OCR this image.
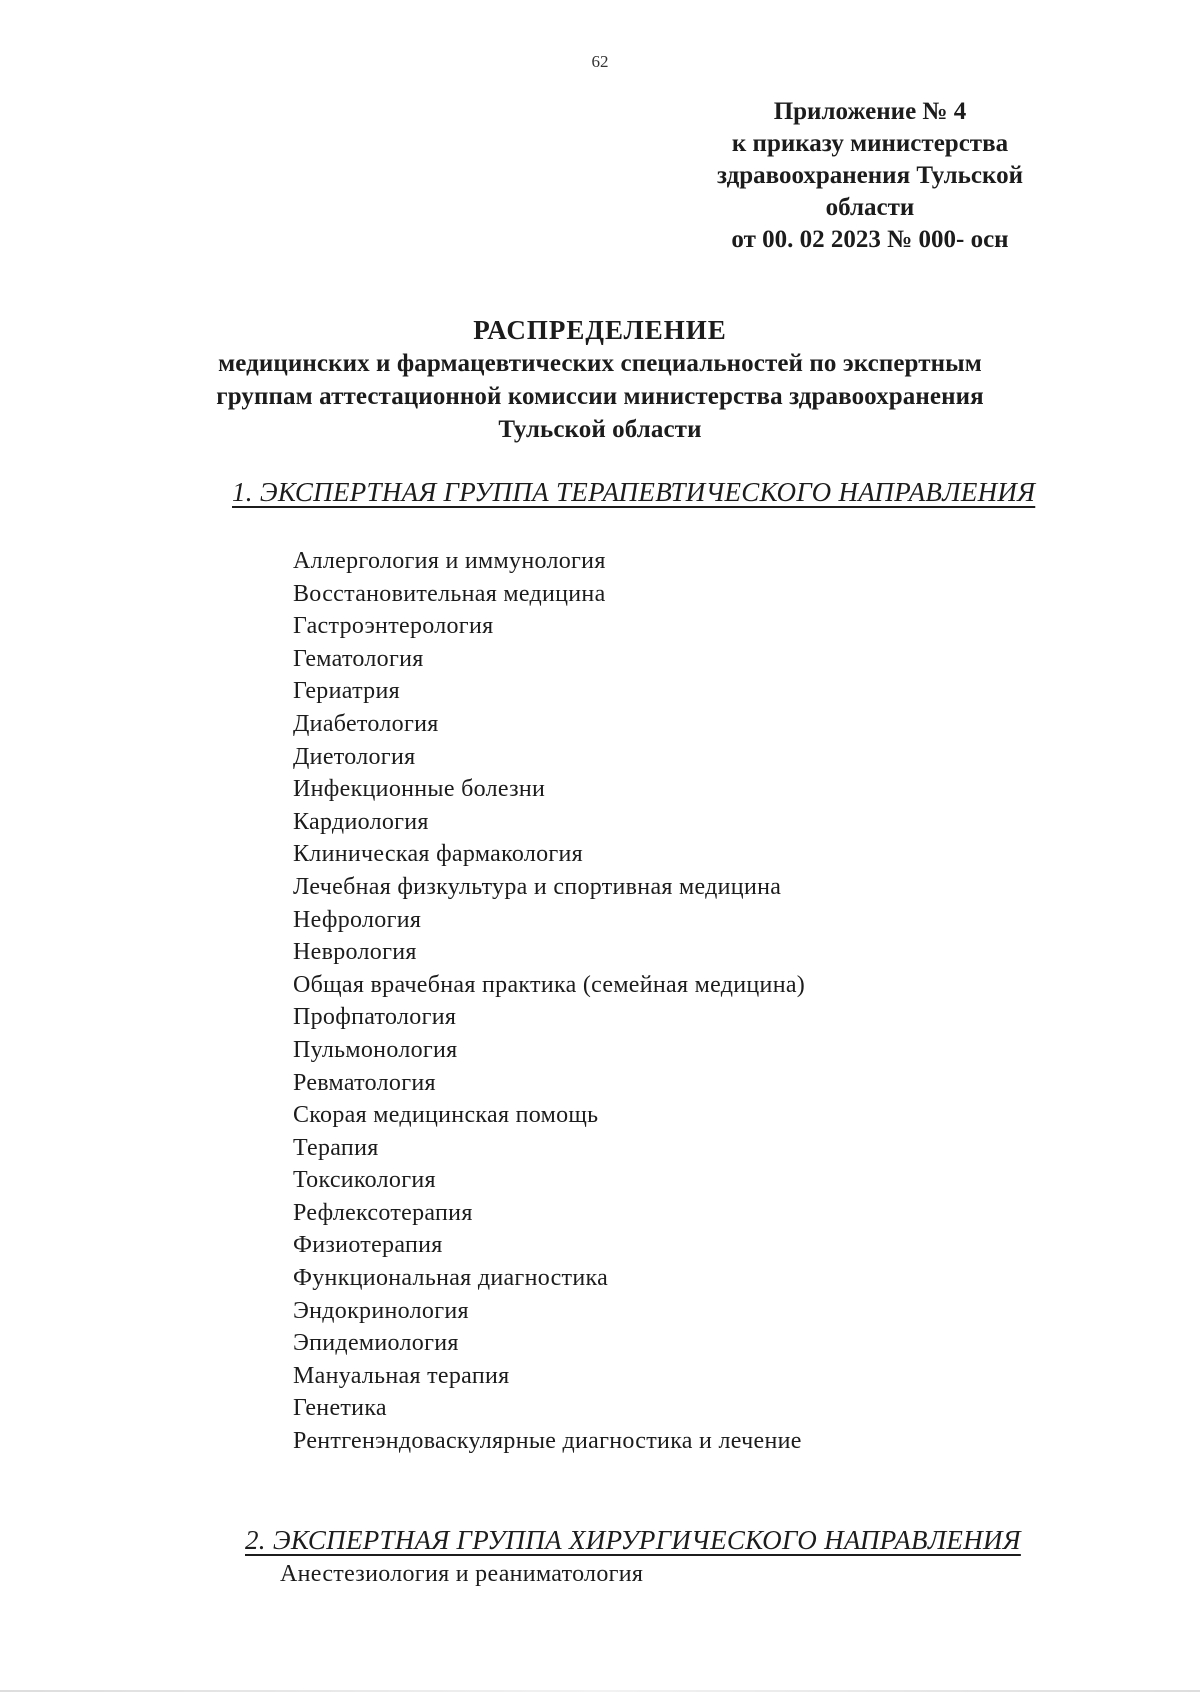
62
Приложение № 4
к приказу министерства
здравоохранения Тульской
области
от 00. 02 2023 № 000- осн
РАСПРЕДЕЛЕНИЕ
медицинских и фармацевтических специальностей по экспертным
группам аттестационной комиссии министерства здравоохранения
Тульской области
1. ЭКСПЕРТНАЯ ГРУППА ТЕРАПЕВТИЧЕСКОГО НАПРАВЛЕНИЯ
Аллергология и иммунология
Восстановительная медицина
Гастроэнтерология
Гематология
Гериатрия
Диабетология
Диетология
Инфекционные болезни
Кардиология
Клиническая фармакология
Лечебная физкультура и спортивная медицина
Нефрология
Неврология
Общая врачебная практика (семейная медицина)
Профпатология
Пульмонология
Ревматология
Скорая медицинская помощь
Терапия
Токсикология
Рефлексотерапия
Физиотерапия
Функциональная диагностика
Эндокринология
Эпидемиология
Мануальная терапия
Генетика
Рентгенэндоваскулярные диагностика и лечение
2. ЭКСПЕРТНАЯ ГРУППА ХИРУРГИЧЕСКОГО НАПРАВЛЕНИЯ
Анестезиология и реаниматология
